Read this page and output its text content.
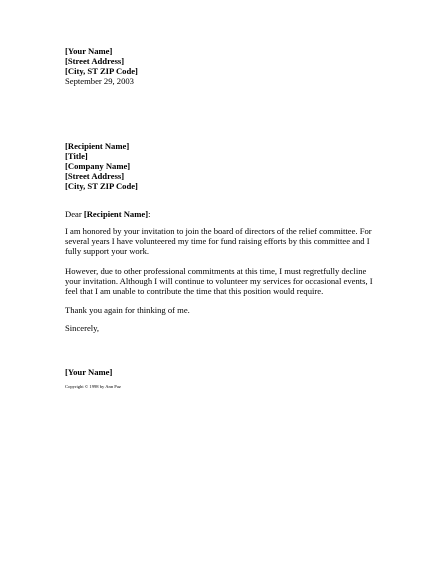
[Your Name]
[Street Address]
[City, ST ZIP Code]
September 29, 2003
[Recipient Name]
[Title]
[Company Name]
[Street Address]
[City, ST ZIP Code]
Dear [Recipient Name]:
I am honored by your invitation to join the board of directors of the relief committee. For
several years I have volunteered my time for fund raising efforts by this committee and I
fully support your work.
However, due to other professional commitments at this time, I must regretfully decline
your invitation. Although I will continue to volunteer my services for occasional events, I
feel that I am unable to contribute the time that this position would require.
Thank you again for thinking of me.
Sincerely,
[Your Name]
Copyright © 1998 by Ann Paz
